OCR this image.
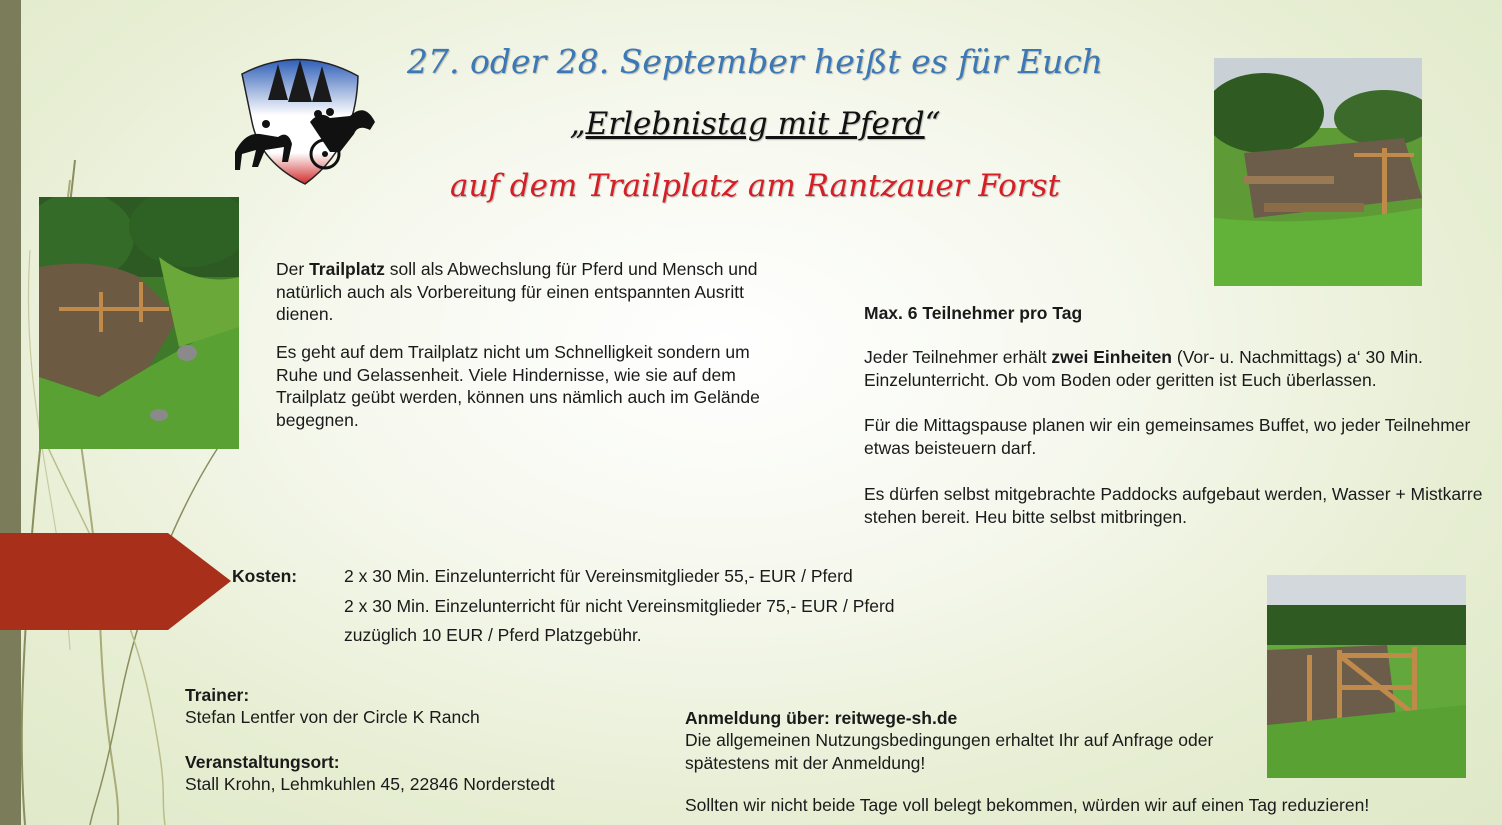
27. oder 28. September heißt es für Euch
„Erlebnistag mit Pferd“
auf dem Trailplatz am Rantzauer Forst
Der Trailplatz soll als Abwechslung für Pferd und Mensch und natürlich auch als Vorbereitung für einen entspannten Ausritt dienen.
Es geht auf dem Trailplatz nicht um Schnelligkeit sondern um Ruhe und Gelassenheit. Viele Hindernisse, wie sie auf dem Trailplatz geübt werden, können uns nämlich auch im Gelände begegnen.
Max. 6 Teilnehmer pro Tag
Jeder Teilnehmer erhält zwei Einheiten (Vor- u. Nachmittags) a‘ 30 Min. Einzelunterricht. Ob vom Boden oder geritten ist Euch überlassen.
Für die Mittagspause planen wir ein gemeinsames Buffet, wo jeder Teilnehmer etwas beisteuern darf.
Es dürfen selbst mitgebrachte Paddocks aufgebaut werden, Wasser + Mistkarre stehen bereit. Heu bitte selbst mitbringen.
Kosten:	2 x 30 Min. Einzelunterricht für Vereinsmitglieder 55,- EUR / Pferd
2 x 30 Min. Einzelunterricht für nicht Vereinsmitglieder 75,- EUR / Pferd
zuzüglich 10 EUR / Pferd Platzgebühr.
Trainer:
Stefan Lentfer von der Circle K Ranch
Veranstaltungsort:
Stall Krohn, Lehmkuhlen 45, 22846 Norderstedt
Anmeldung über: reitwege-sh.de
Die allgemeinen Nutzungsbedingungen erhaltet Ihr auf Anfrage oder spätestens mit der Anmeldung!
Sollten wir nicht beide Tage voll belegt bekommen, würden wir auf einen Tag reduzieren!
